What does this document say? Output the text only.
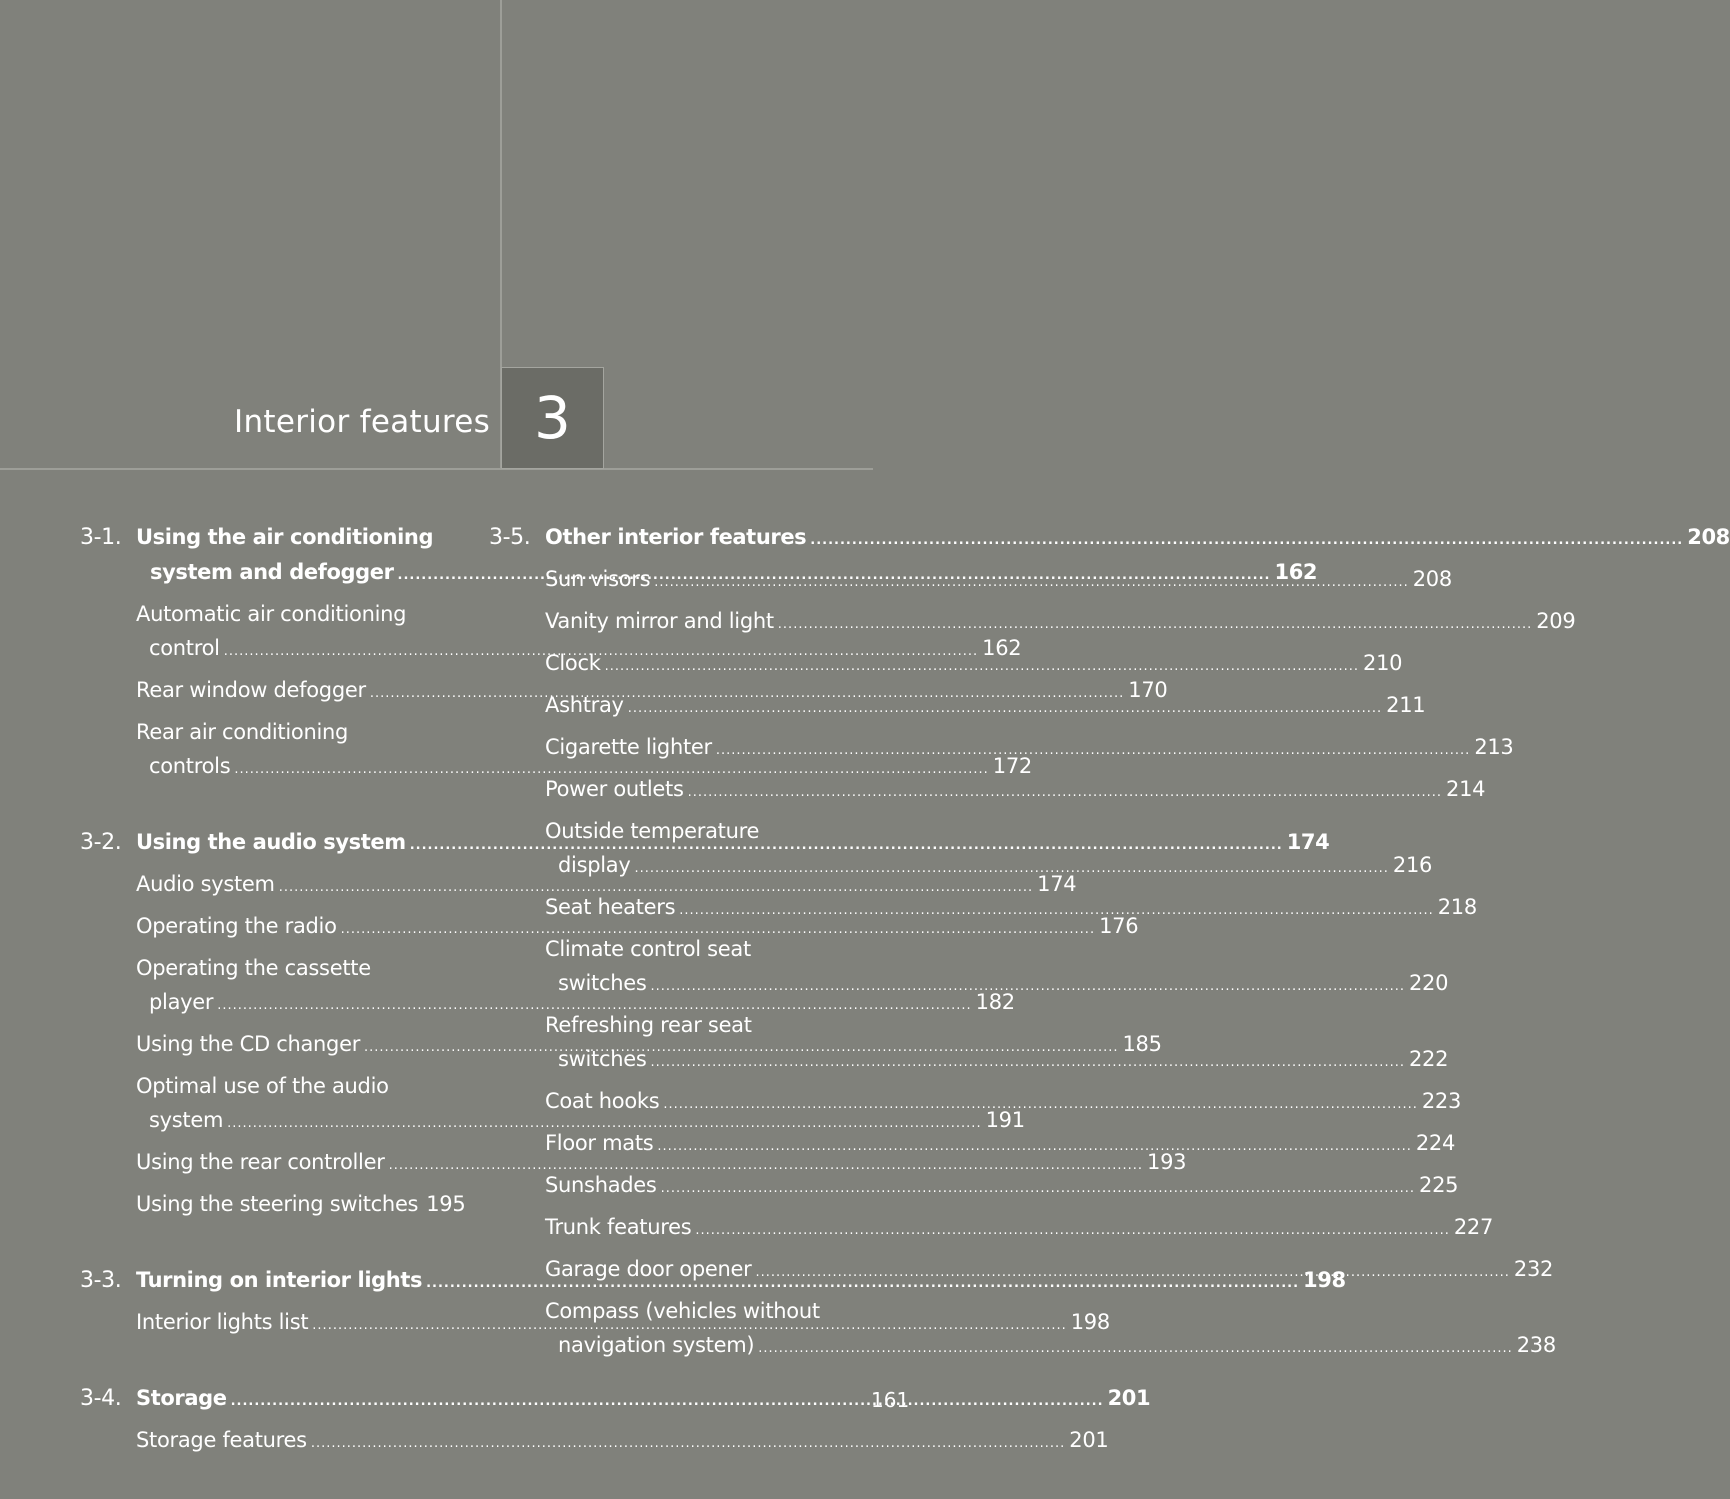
Interior features 3
3-1. Using the air conditioning
system and defogger .....	162
Automatic air conditioning
control .....	162
Rear window defogger .....	170
Rear air conditioning
controls .....	172
3-2. Using the audio system .....	174
Audio system .....	174
Operating the radio .....	176
Operating the cassette
player .....	182
Using the CD changer .....	185
Optimal use of the audio
system .....	191
Using the rear controller .....	193
Using the steering switches 195
3-3. Turning on interior lights .....	198
Interior lights list .....	198
3-4. Storage .....	201
Storage features .....	201
3-5. Other interior features .....	208
Sun visors .....	208
Vanity mirror and light .....	209
Clock .....	210
Ashtray .....	211
Cigarette lighter .....	213
Power outlets .....	214
Outside temperature
display .....	216
Seat heaters .....	218
Climate control seat
switches .....	220
Refreshing rear seat
switches .....	222
Coat hooks .....	223
Floor mats .....	224
Sunshades .....	225
Trunk features .....	227
Garage door opener .....	232
Compass (vehicles without
navigation system) .....	238
161
